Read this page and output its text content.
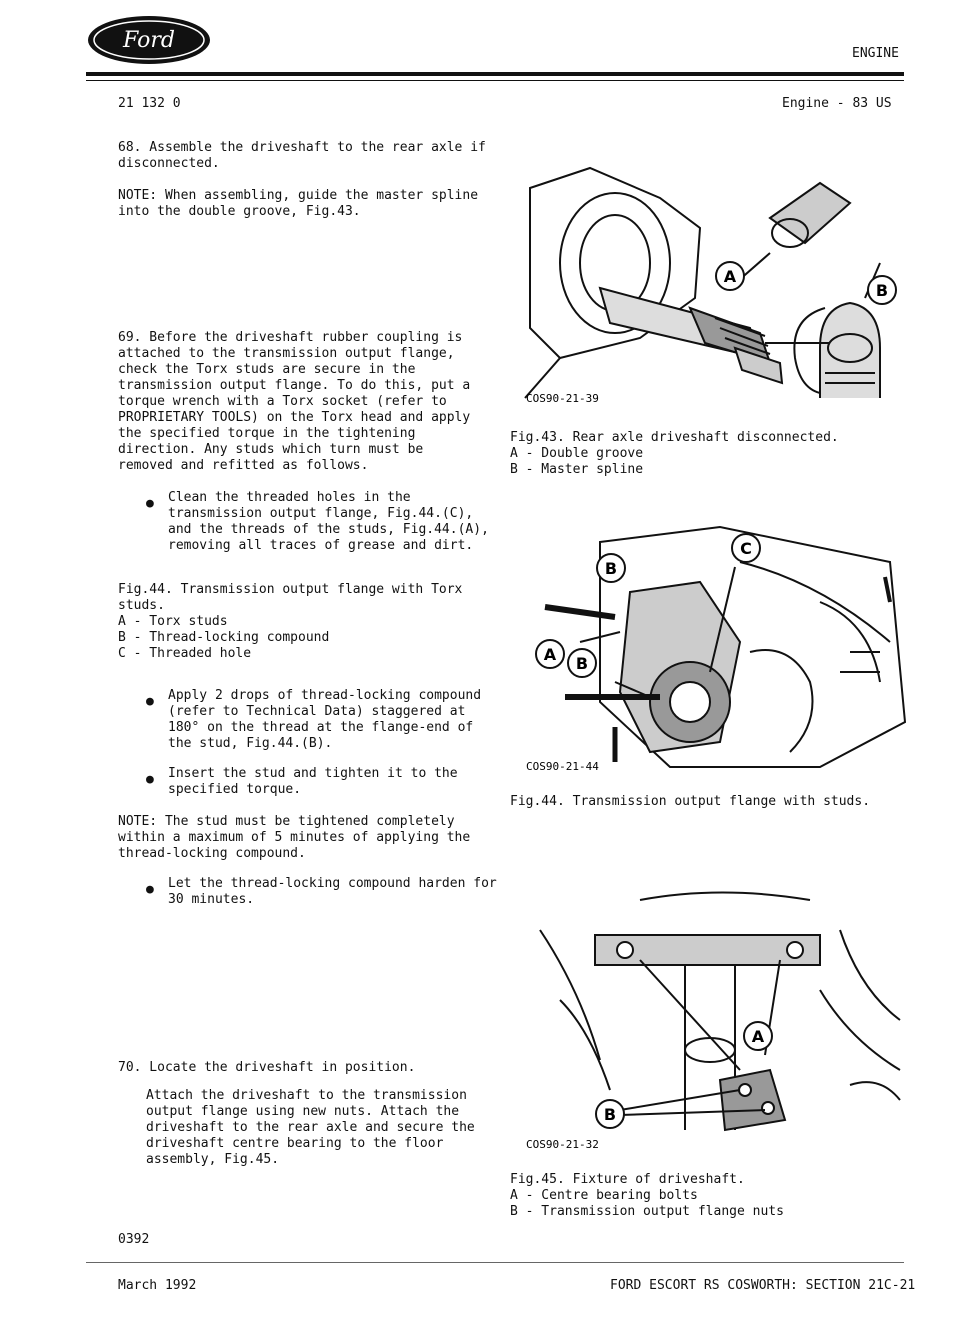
Ford
ENGINE
21 132 0	Engine - 83 US
68. Assemble the driveshaft to the rear axle if
disconnected.
NOTE: When assembling, guide the master spline
into the double groove, Fig.43.
69. Before the driveshaft rubber coupling is
attached to the transmission output flange,
check the Torx studs are secure in the
transmission output flange. To do this, put a
torque wrench with a Torx socket (refer to
PROPRIETARY TOOLS) on the Torx head and apply
the specified torque in the tightening
direction. Any studs which turn must be
removed and refitted as follows.
● Clean the threaded holes in the
transmission output flange, Fig.44.(C),
and the threads of the studs, Fig.44.(A),
removing all traces of grease and dirt.
Fig.44. Transmission output flange with Torx
studs.
A - Torx studs
B - Thread-locking compound
C - Threaded hole
● Apply 2 drops of thread-locking compound
(refer to Technical Data) staggered at
180° on the thread at the flange-end of
the stud, Fig.44.(B).
● Insert the stud and tighten it to the
specified torque.
NOTE: The stud must be tightened completely
within a maximum of 5 minutes of applying the
thread-locking compound.
● Let the thread-locking compound harden for
30 minutes.
70. Locate the driveshaft in position.
Attach the driveshaft to the transmission
output flange using new nuts. Attach the
driveshaft to the rear axle and secure the
driveshaft centre bearing to the floor
assembly, Fig.45.
0392
A
B
COS90-21-39
Fig.43. Rear axle driveshaft disconnected.
A - Double groove
B - Master spline
C
B
A B
COS90-21-44
Fig.44. Transmission output flange with studs.
A
B
COS90-21-32
Fig.45. Fixture of driveshaft.
A - Centre bearing bolts
B - Transmission output flange nuts
March 1992	FORD ESCORT RS COSWORTH: SECTION 21C-21
